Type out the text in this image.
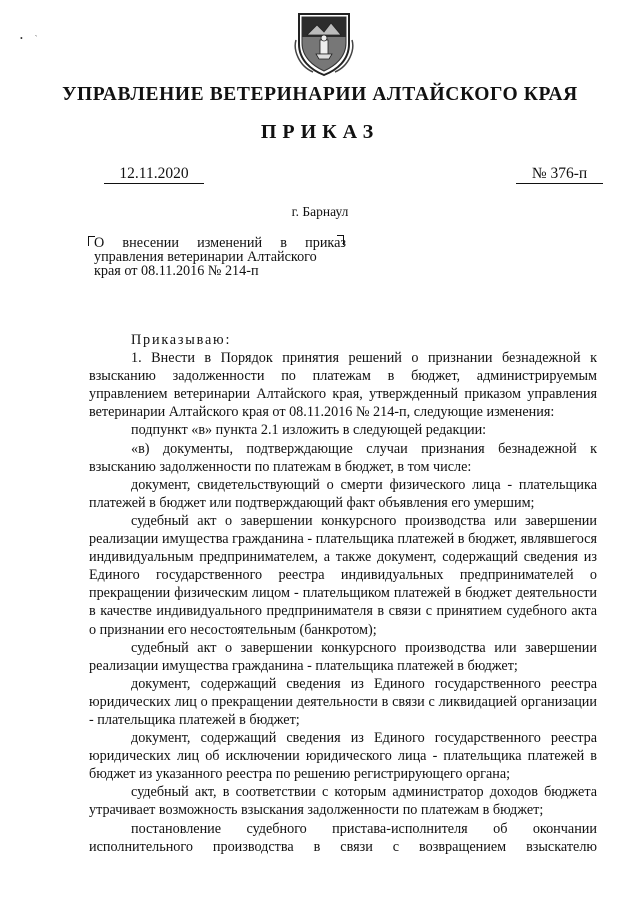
•      `
УПРАВЛЕНИЕ ВЕТЕРИНАРИИ АЛТАЙСКОГО КРАЯ
ПРИКАЗ
12.11.2020	№ 376-п
г. Барнаул
О внесении изменений в приказ
управления ветеринарии Алтайского
края от 08.11.2016 № 214-п

Приказываю:

1. Внести в Порядок принятия решений о признании безнадежной к взысканию задолженности по платежам в бюджет, администрируемым управлением ветеринарии Алтайского края, утвержденный приказом управления ветеринарии Алтайского края от 08.11.2016 № 214-п, следующие изменения:

подпункт «в» пункта 2.1 изложить в следующей редакции:

«в) документы, подтверждающие случаи признания безнадежной к взысканию задолженности по платежам в бюджет, в том числе:

документ, свидетельствующий о смерти физического лица - плательщика платежей в бюджет или подтверждающий факт объявления его умершим;

судебный акт о завершении конкурсного производства или завершении реализации имущества гражданина - плательщика платежей в бюджет, являвшегося индивидуальным предпринимателем, а также документ, содержащий сведения из Единого государственного реестра индивидуальных предпринимателей о прекращении физическим лицом - плательщиком платежей в бюджет деятельности в качестве индивидуального предпринимателя в связи с принятием судебного акта о признании его несостоятельным (банкротом);

судебный акт о завершении конкурсного производства или завершении реализации имущества гражданина - плательщика платежей в бюджет;

документ, содержащий сведения из Единого государственного реестра юридических лиц о прекращении деятельности в связи с ликвидацией организации - плательщика платежей в бюджет;

документ, содержащий сведения из Единого государственного реестра юридических лиц об исключении юридического лица - плательщика платежей в бюджет из указанного реестра по решению регистрирующего органа;

судебный акт, в соответствии с которым администратор доходов бюджета утрачивает возможность взыскания задолженности по платежам в бюджет;

постановление судебного пристава-исполнителя об окончании исполнительного производства в связи с возвращением взыскателю
